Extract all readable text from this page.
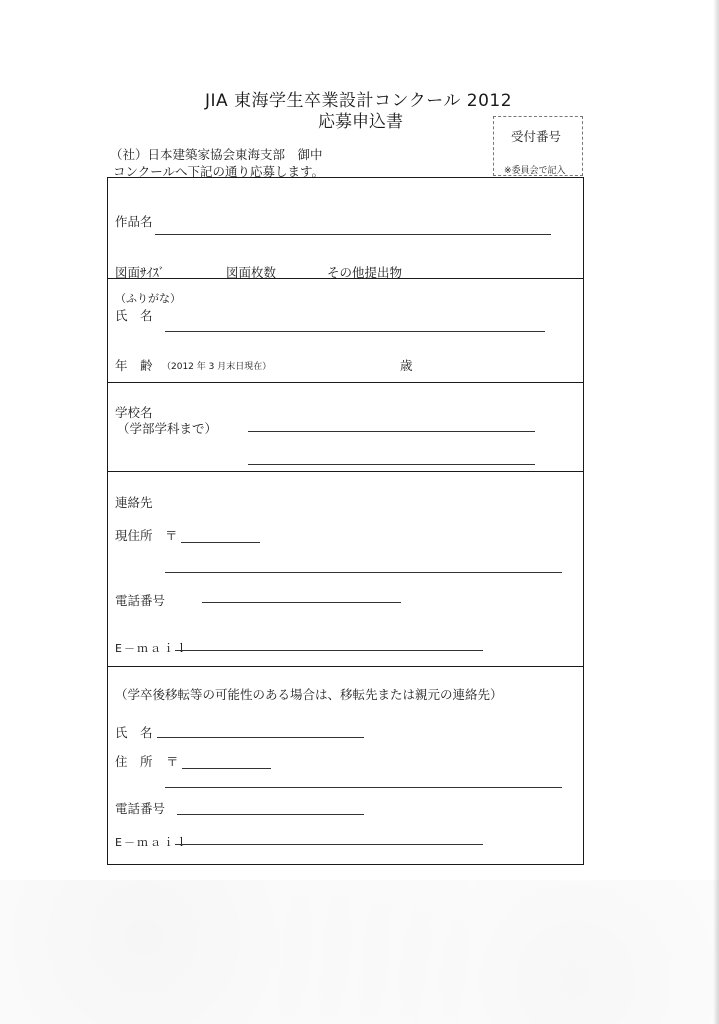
JIA 東海学生卒業設計コンクール 2012
応募申込書
受付番号
※委員会で記入
（社）日本建築家協会東海支部　御中
コンクールへ下記の通り応募します。
作品名
図面ｻｲｽﾞ	図面枚数	その他提出物
（ふりがな）
氏　名
年　齢 （2012 年 3 月末日現在）	歳
学校名
（学部学科まで）
連絡先
現住所 〒
電話番号
E－ｍａｉｌ
（学卒後移転等の可能性のある場合は、移転先または親元の連絡先）
氏　名
住　所 〒
電話番号
E－ｍａｉｌ
